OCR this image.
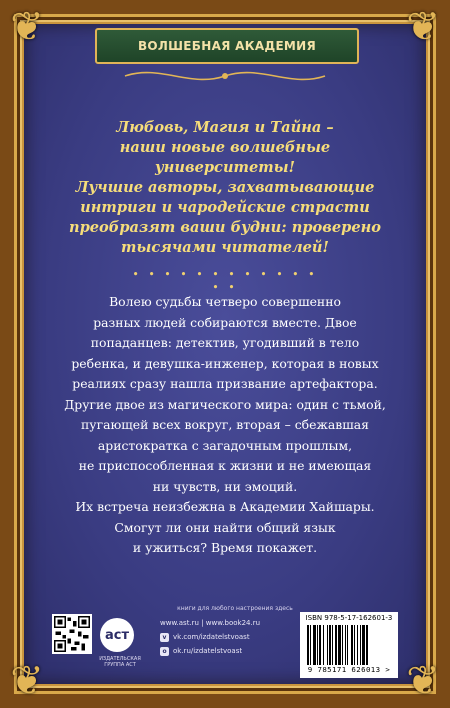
❦	❦
❦	❦
ВОЛШЕБНАЯ АКАДЕМИЯ
Любовь, Магия и Тайна –
наши новые волшебные университеты!
Лучшие авторы, захватывающие
интриги и чародейские страсти
преобразят ваши будни: проверено
тысячами читателей!
• • • • • • • • • • • • • •
Волею судьбы четверо совершенно
разных людей собираются вместе. Двое
попаданцев: детектив, угодивший в тело
ребенка, и девушка-инженер, которая в новых
реалиях сразу нашла призвание артефактора.
Другие двое из магического мира: один с тьмой,
пугающей всех вокруг, вторая – сбежавшая
аристократка с загадочным прошлым,
не приспособленная к жизни и не имеющая
ни чувств, ни эмоций.
Их встреча неизбежна в Академии Хайшары.
Смогут ли они найти общий язык
и ужиться? Время покажет.
книги для любого настроения здесь
аст
ИЗДАТЕЛЬСКАЯ ГРУППА АСТ
www.ast.ru | www.book24.ru
v vk.com/izdatelstvoast
o ok.ru/izdatelstvoast
ISBN 978-5-17-162601-3
9 785171 626013 >
